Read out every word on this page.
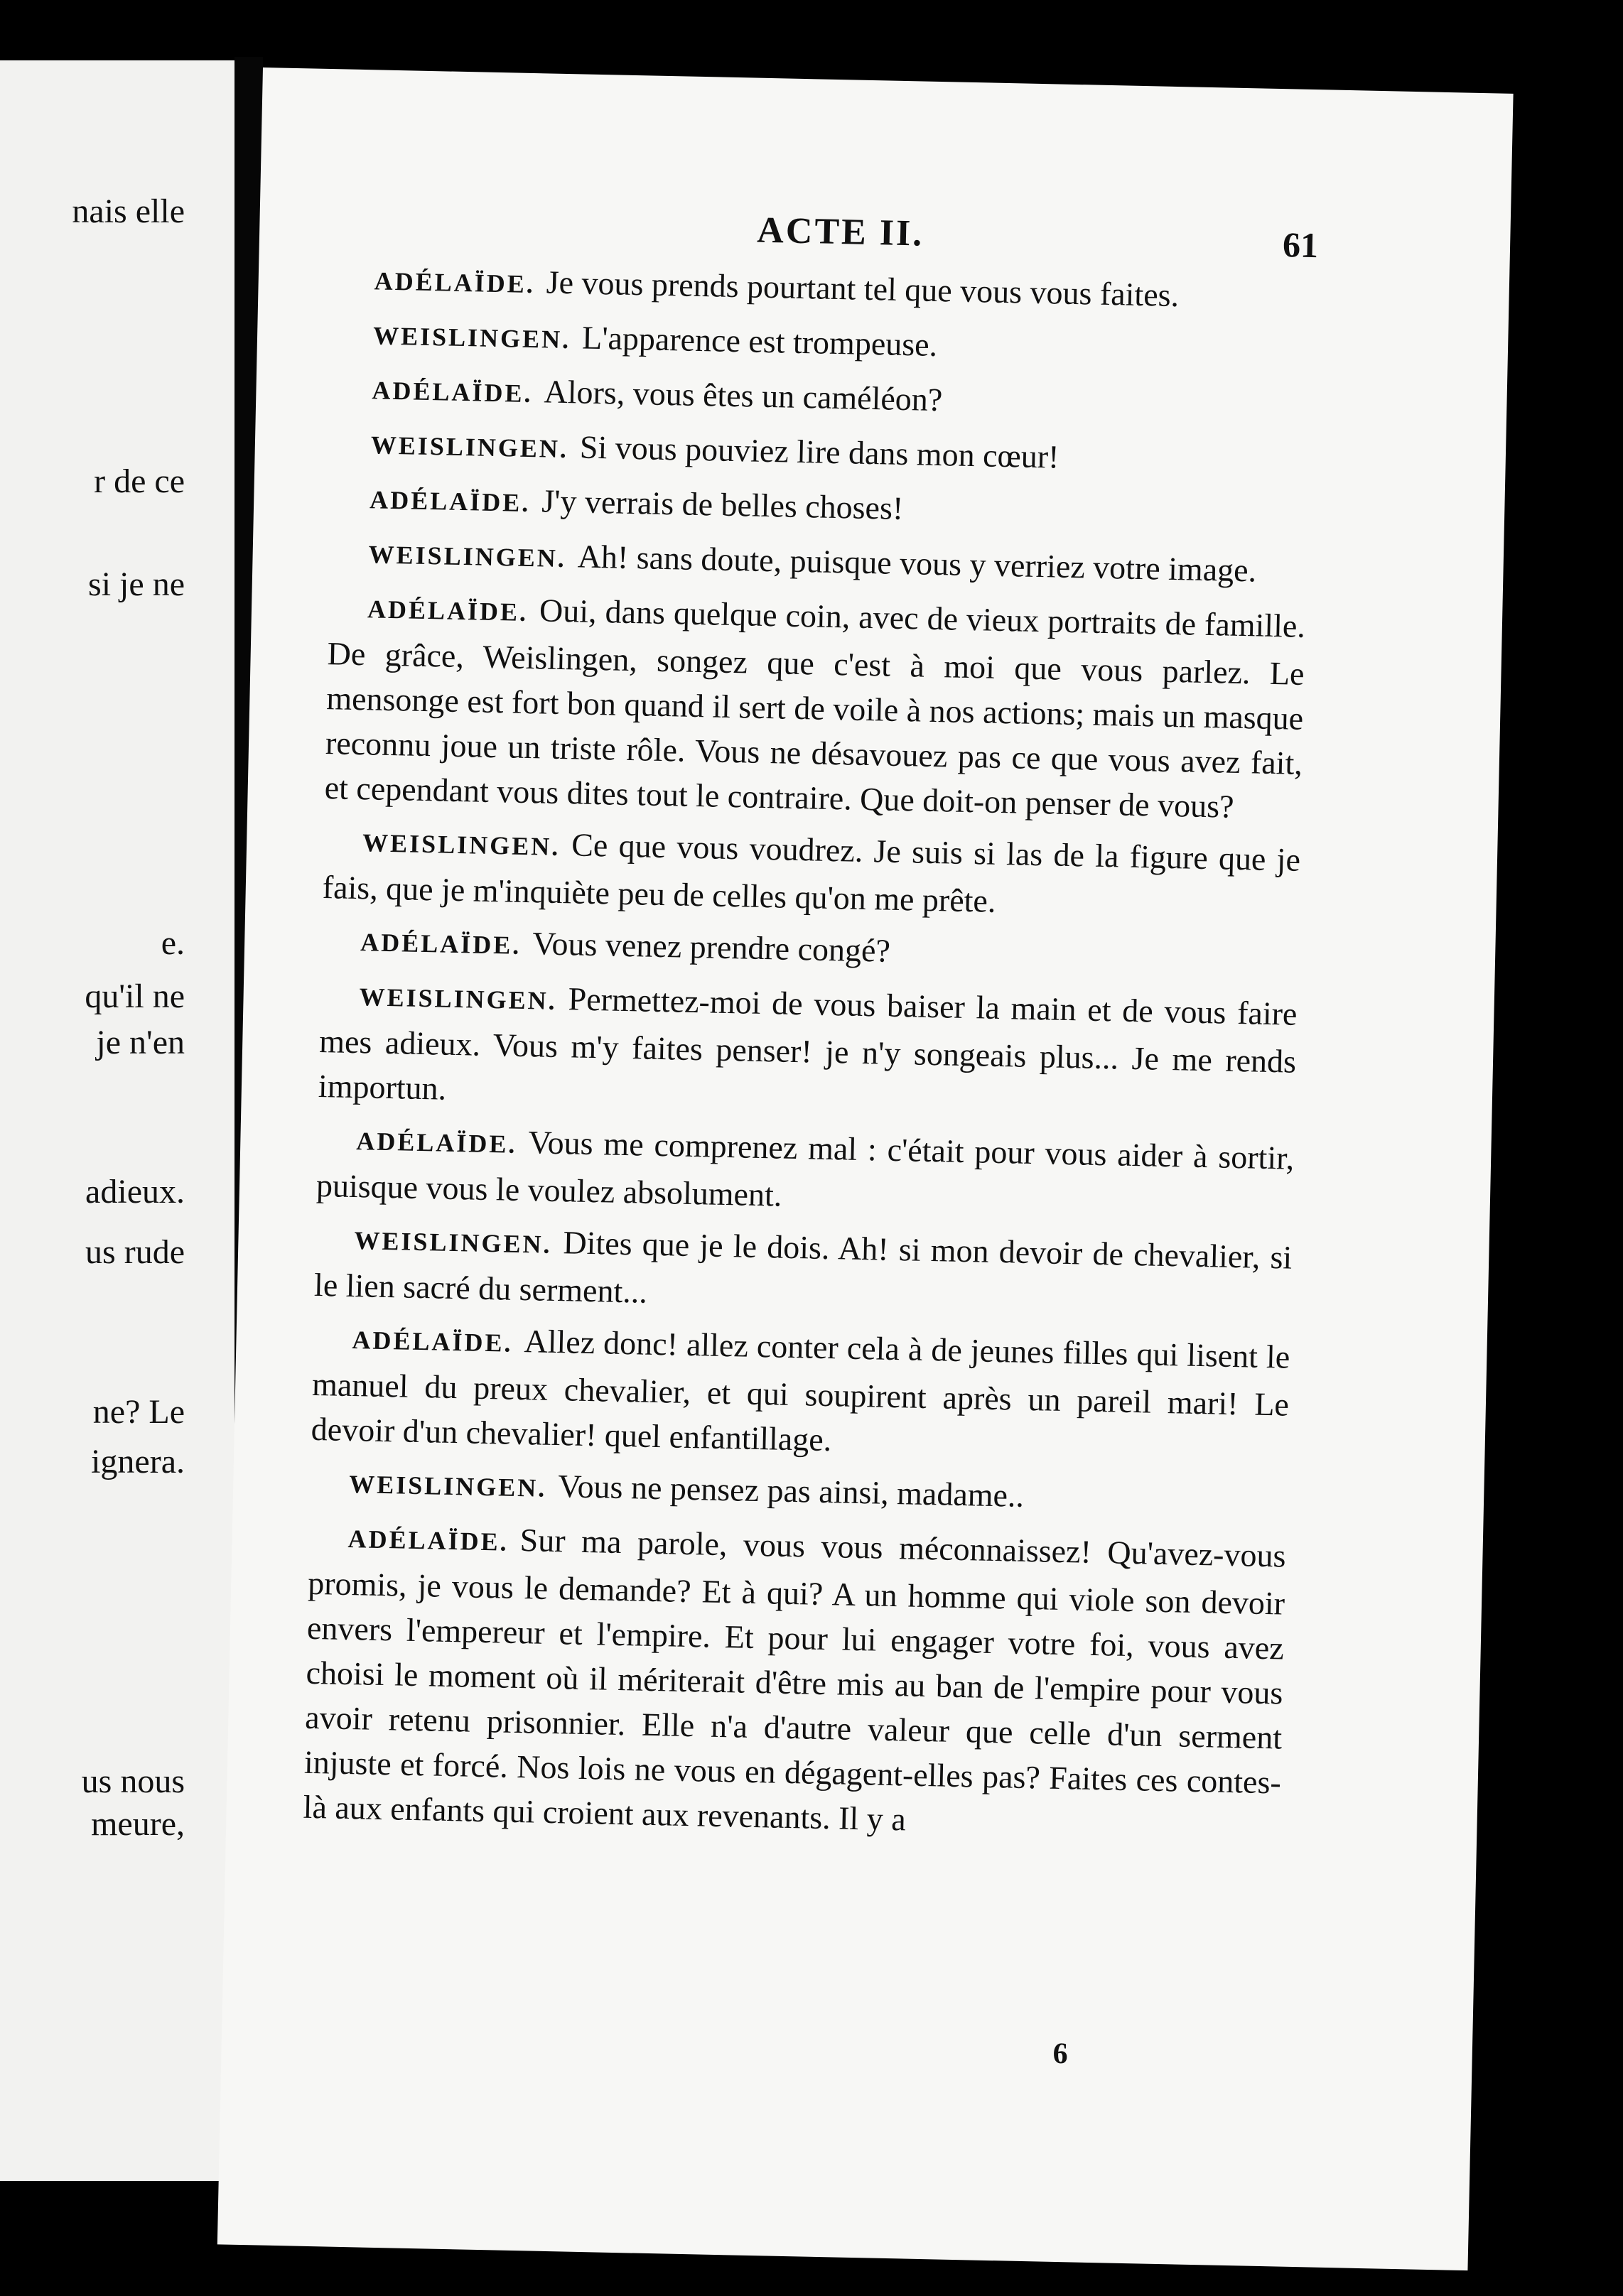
nais elle
r de ce
si je ne
e.
qu'il ne
je n'en
adieux.
us rude
ne? Le
ignera.
us nous
meure,
ACTE II.	61

ADÉLAÏDE. Je vous prends pourtant tel que vous vous faites.

WEISLINGEN. L'apparence est trompeuse.

ADÉLAÏDE. Alors, vous êtes un caméléon?

WEISLINGEN. Si vous pouviez lire dans mon cœur!

ADÉLAÏDE. J'y verrais de belles choses!

WEISLINGEN. Ah! sans doute, puisque vous y verriez votre image.

ADÉLAÏDE. Oui, dans quelque coin, avec de vieux portraits de famille. De grâce, Weislingen, songez que c'est à moi que vous parlez. Le mensonge est fort bon quand il sert de voile à nos actions; mais un masque reconnu joue un triste rôle. Vous ne désavouez pas ce que vous avez fait, et cependant vous dites tout le contraire. Que doit-on penser de vous?

WEISLINGEN. Ce que vous voudrez. Je suis si las de la figure que je fais, que je m'inquiète peu de celles qu'on me prête.

ADÉLAÏDE. Vous venez prendre congé?

WEISLINGEN. Permettez-moi de vous baiser la main et de vous faire mes adieux. Vous m'y faites penser! je n'y songeais plus... Je me rends importun.

ADÉLAÏDE. Vous me comprenez mal : c'était pour vous aider à sortir, puisque vous le voulez absolument.

WEISLINGEN. Dites que je le dois. Ah! si mon devoir de chevalier, si le lien sacré du serment...

ADÉLAÏDE. Allez donc! allez conter cela à de jeunes filles qui lisent le manuel du preux chevalier, et qui soupirent après un pareil mari! Le devoir d'un chevalier! quel enfantillage.

WEISLINGEN. Vous ne pensez pas ainsi, madame..

ADÉLAÏDE. Sur ma parole, vous vous méconnaissez! Qu'avez-vous promis, je vous le demande? Et à qui? A un homme qui viole son devoir envers l'empereur et l'empire. Et pour lui engager votre foi, vous avez choisi le moment où il mériterait d'être mis au ban de l'empire pour vous avoir retenu prisonnier. Elle n'a d'autre valeur que celle d'un serment injuste et forcé. Nos lois ne vous en dégagent-elles pas? Faites ces contes-là aux enfants qui croient aux revenants. Il y a

6
